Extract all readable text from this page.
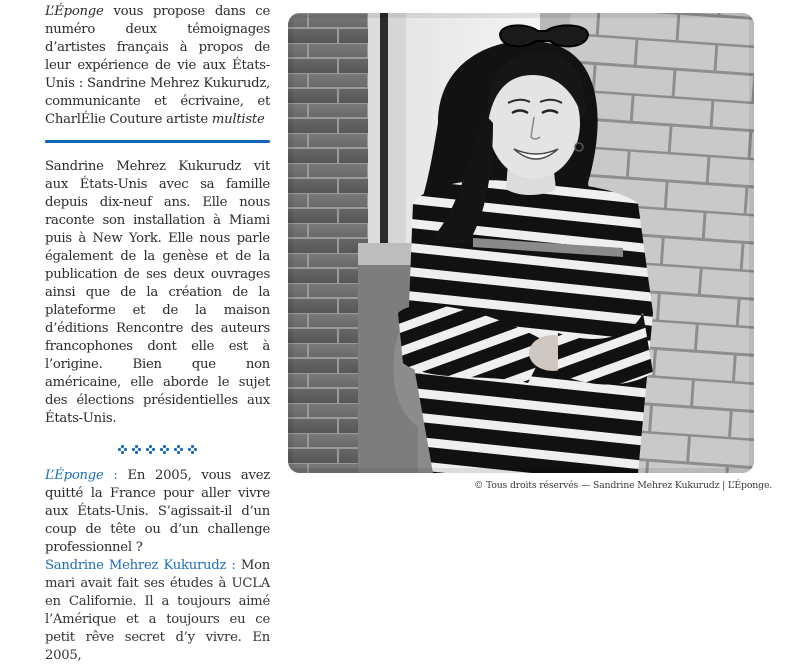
L’Éponge vous propose dans ce numéro deux témoignages d’artistes français à propos de leur expérience de vie aux États-Unis : Sandrine Mehrez Kukurudz, communicante et écrivaine, et CharlÉlie Couture artiste multiste

Sandrine Mehrez Kukurudz vit aux États-Unis avec sa famille depuis dix-neuf ans. Elle nous raconte son installation à Miami puis à New York. Elle nous parle également de la genèse et de la publication de ses deux ouvrages ainsi que de la création de la plateforme et de la maison d’éditions Rencontre des auteurs francophones dont elle est à l’origine. Bien que non américaine, elle aborde le sujet des élections présidentielles aux États-Unis.

L’Éponge : En 2005, vous avez quitté la France pour aller vivre aux États-Unis. S’agissait-il d’un coup de tête ou d’un challenge professionnel ?

Sandrine Mehrez Kukurudz : Mon mari avait fait ses études à UCLA en Californie. Il a toujours aimé l’Amérique et a toujours eu ce petit rêve secret d’y vivre. En 2005,

© Tous droits réservés — Sandrine Mehrez Kukurudz | L’Éponge.
